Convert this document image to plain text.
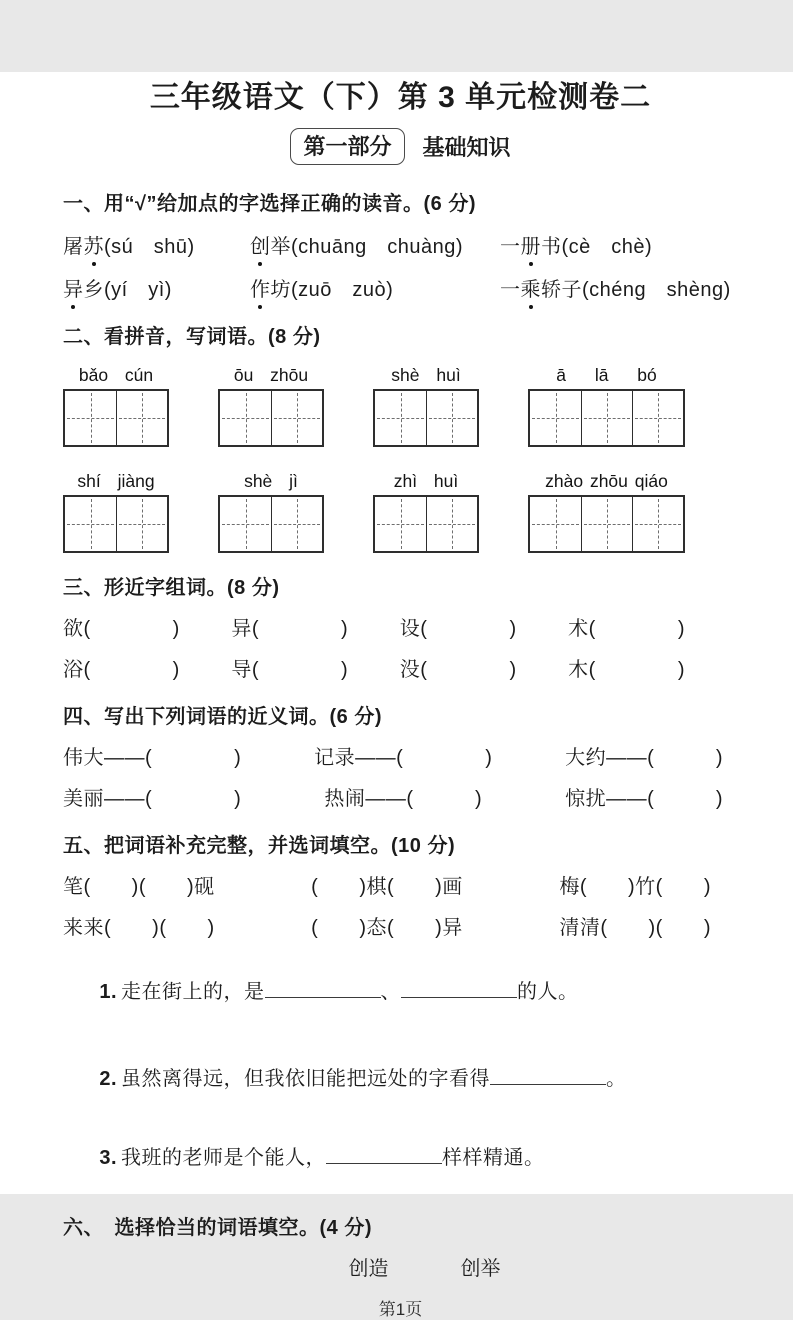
三年级语文（下）第 3 单元检测卷二
第一部分	基础知识
一、用“√”给加点的字选择正确的读音。(6 分)
屠苏(sú　shū)	创举(chuāng　chuàng)	一册书(cè　chè)
异乡(yí　yì)	作坊(zuō　zuò)	一乘轿子(chéng　shèng)
二、看拼音，写词语。(8 分)
bǎo cún	ōu zhōu	shè huì	ā lā bó
shí jiàng	shè jì	zhì huì	zhào zhōu qiáo
三、形近字组词。(8 分)
欲(　　　　)	异(　　　　)	设(　　　　)	术(　　　　)
浴(　　　　)	导(　　　　)	没(　　　　)	木(　　　　)
四、写出下列词语的近义词。(6 分)
伟大——(　　　　)	记录——(　　　　)	大约——(　　　)
美丽——(　　　　)	热闹——(　　　)	惊扰——(　　　)
五、把词语补充完整，并选词填空。(10 分)
笔(　　)(　　)砚	(　　)棋(　　)画	梅(　　)竹(　　)
来来(　　)(　　)	(　　)态(　　)异	清清(　　)(　　)

1. 走在街上的，是	、	的人。

2. 虽然离得远，但我依旧能把远处的字看得	。

3. 我班的老师是个能人，	样样精通。

六、　选择恰当的词语填空。(4 分)
创造	创举
第1页
